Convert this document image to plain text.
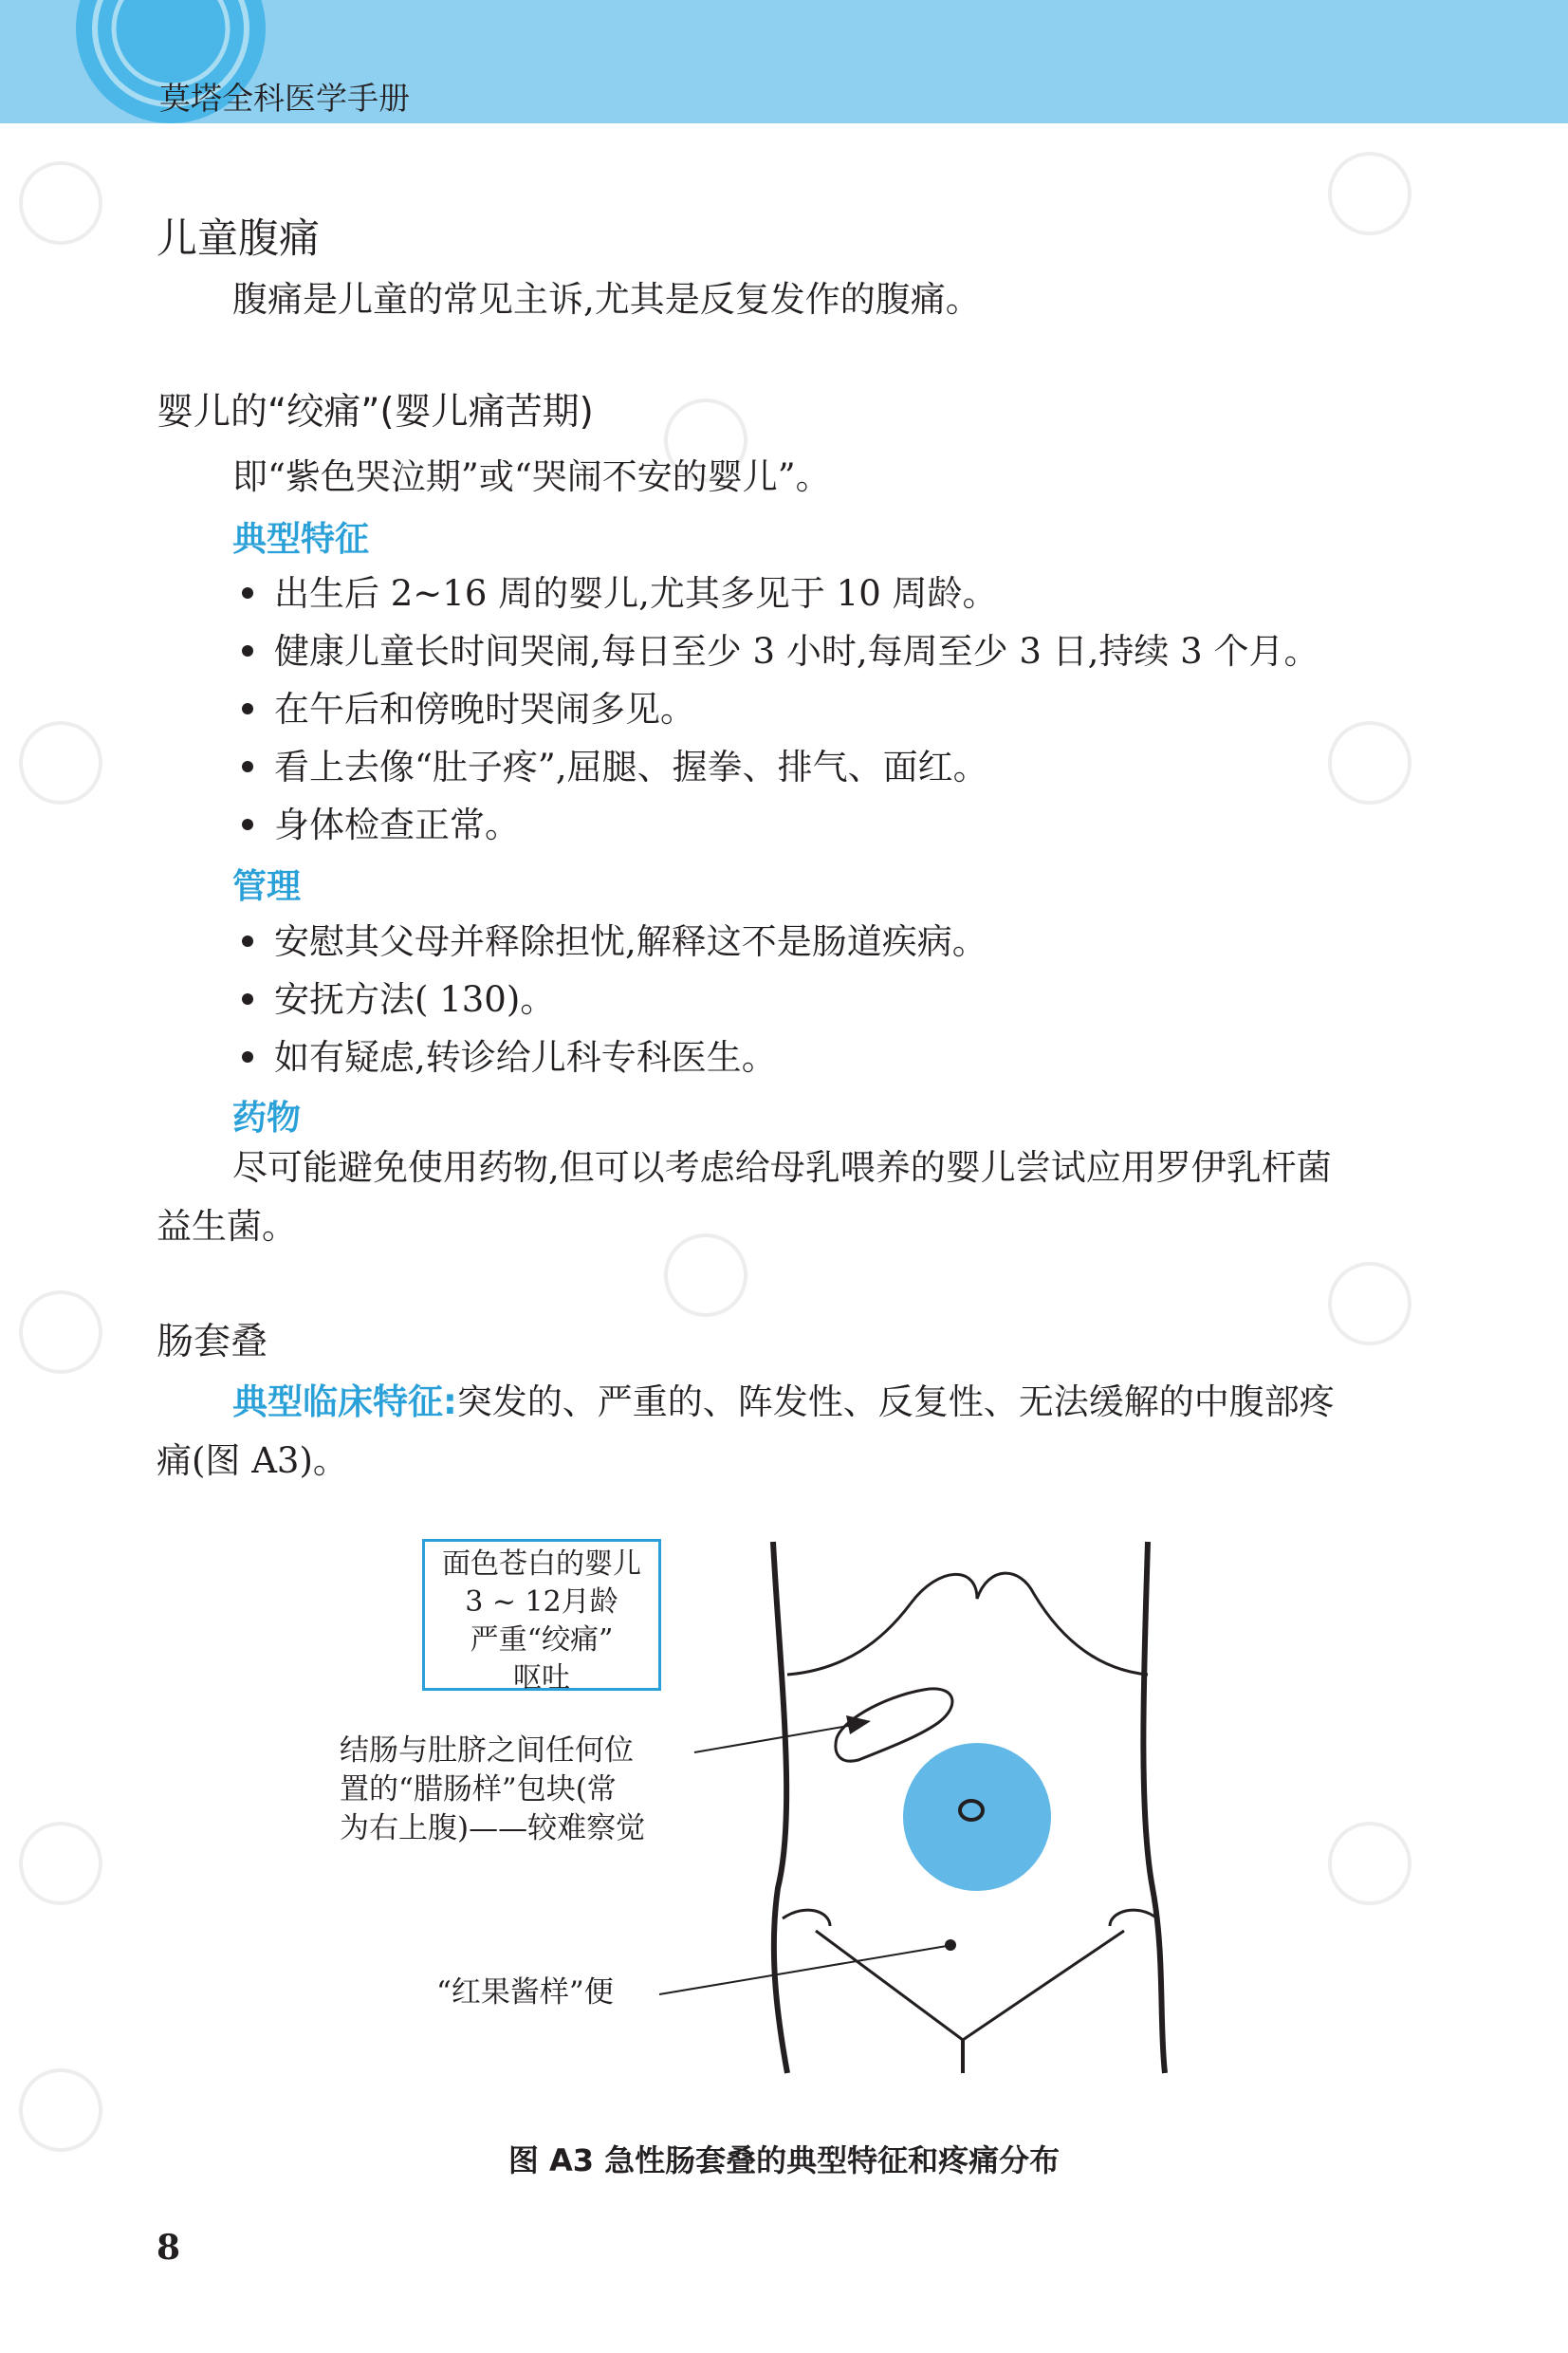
莫塔全科医学手册
儿童腹痛
腹痛是儿童的常见主诉,尤其是反复发作的腹痛。
婴儿的“绞痛”(婴儿痛苦期)
即“紫色哭泣期”或“哭闹不安的婴儿”。
典型特征
出生后 2~16 周的婴儿,尤其多见于 10 周龄。
健康儿童长时间哭闹,每日至少 3 小时,每周至少 3 日,持续 3 个月。
在午后和傍晚时哭闹多见。
看上去像“肚子疼”,屈腿、握拳、排气、面红。
身体检查正常。
管理
安慰其父母并释除担忧,解释这不是肠道疾病。
安抚方法( 130)。
如有疑虑,转诊给儿科专科医生。
药物
尽可能避免使用药物,但可以考虑给母乳喂养的婴儿尝试应用罗伊乳杆菌益生菌。
肠套叠
典型临床特征:突发的、严重的、阵发性、反复性、无法缓解的中腹部疼痛(图 A3)。
面色苍白的婴儿
3 ~ 12月龄
严重“绞痛”
呕吐
结肠与肚脐之间任何位
置的“腊肠样”包块(常
为右上腹)——较难察觉
“红果酱样”便
图 A3 急性肠套叠的典型特征和疼痛分布
8
